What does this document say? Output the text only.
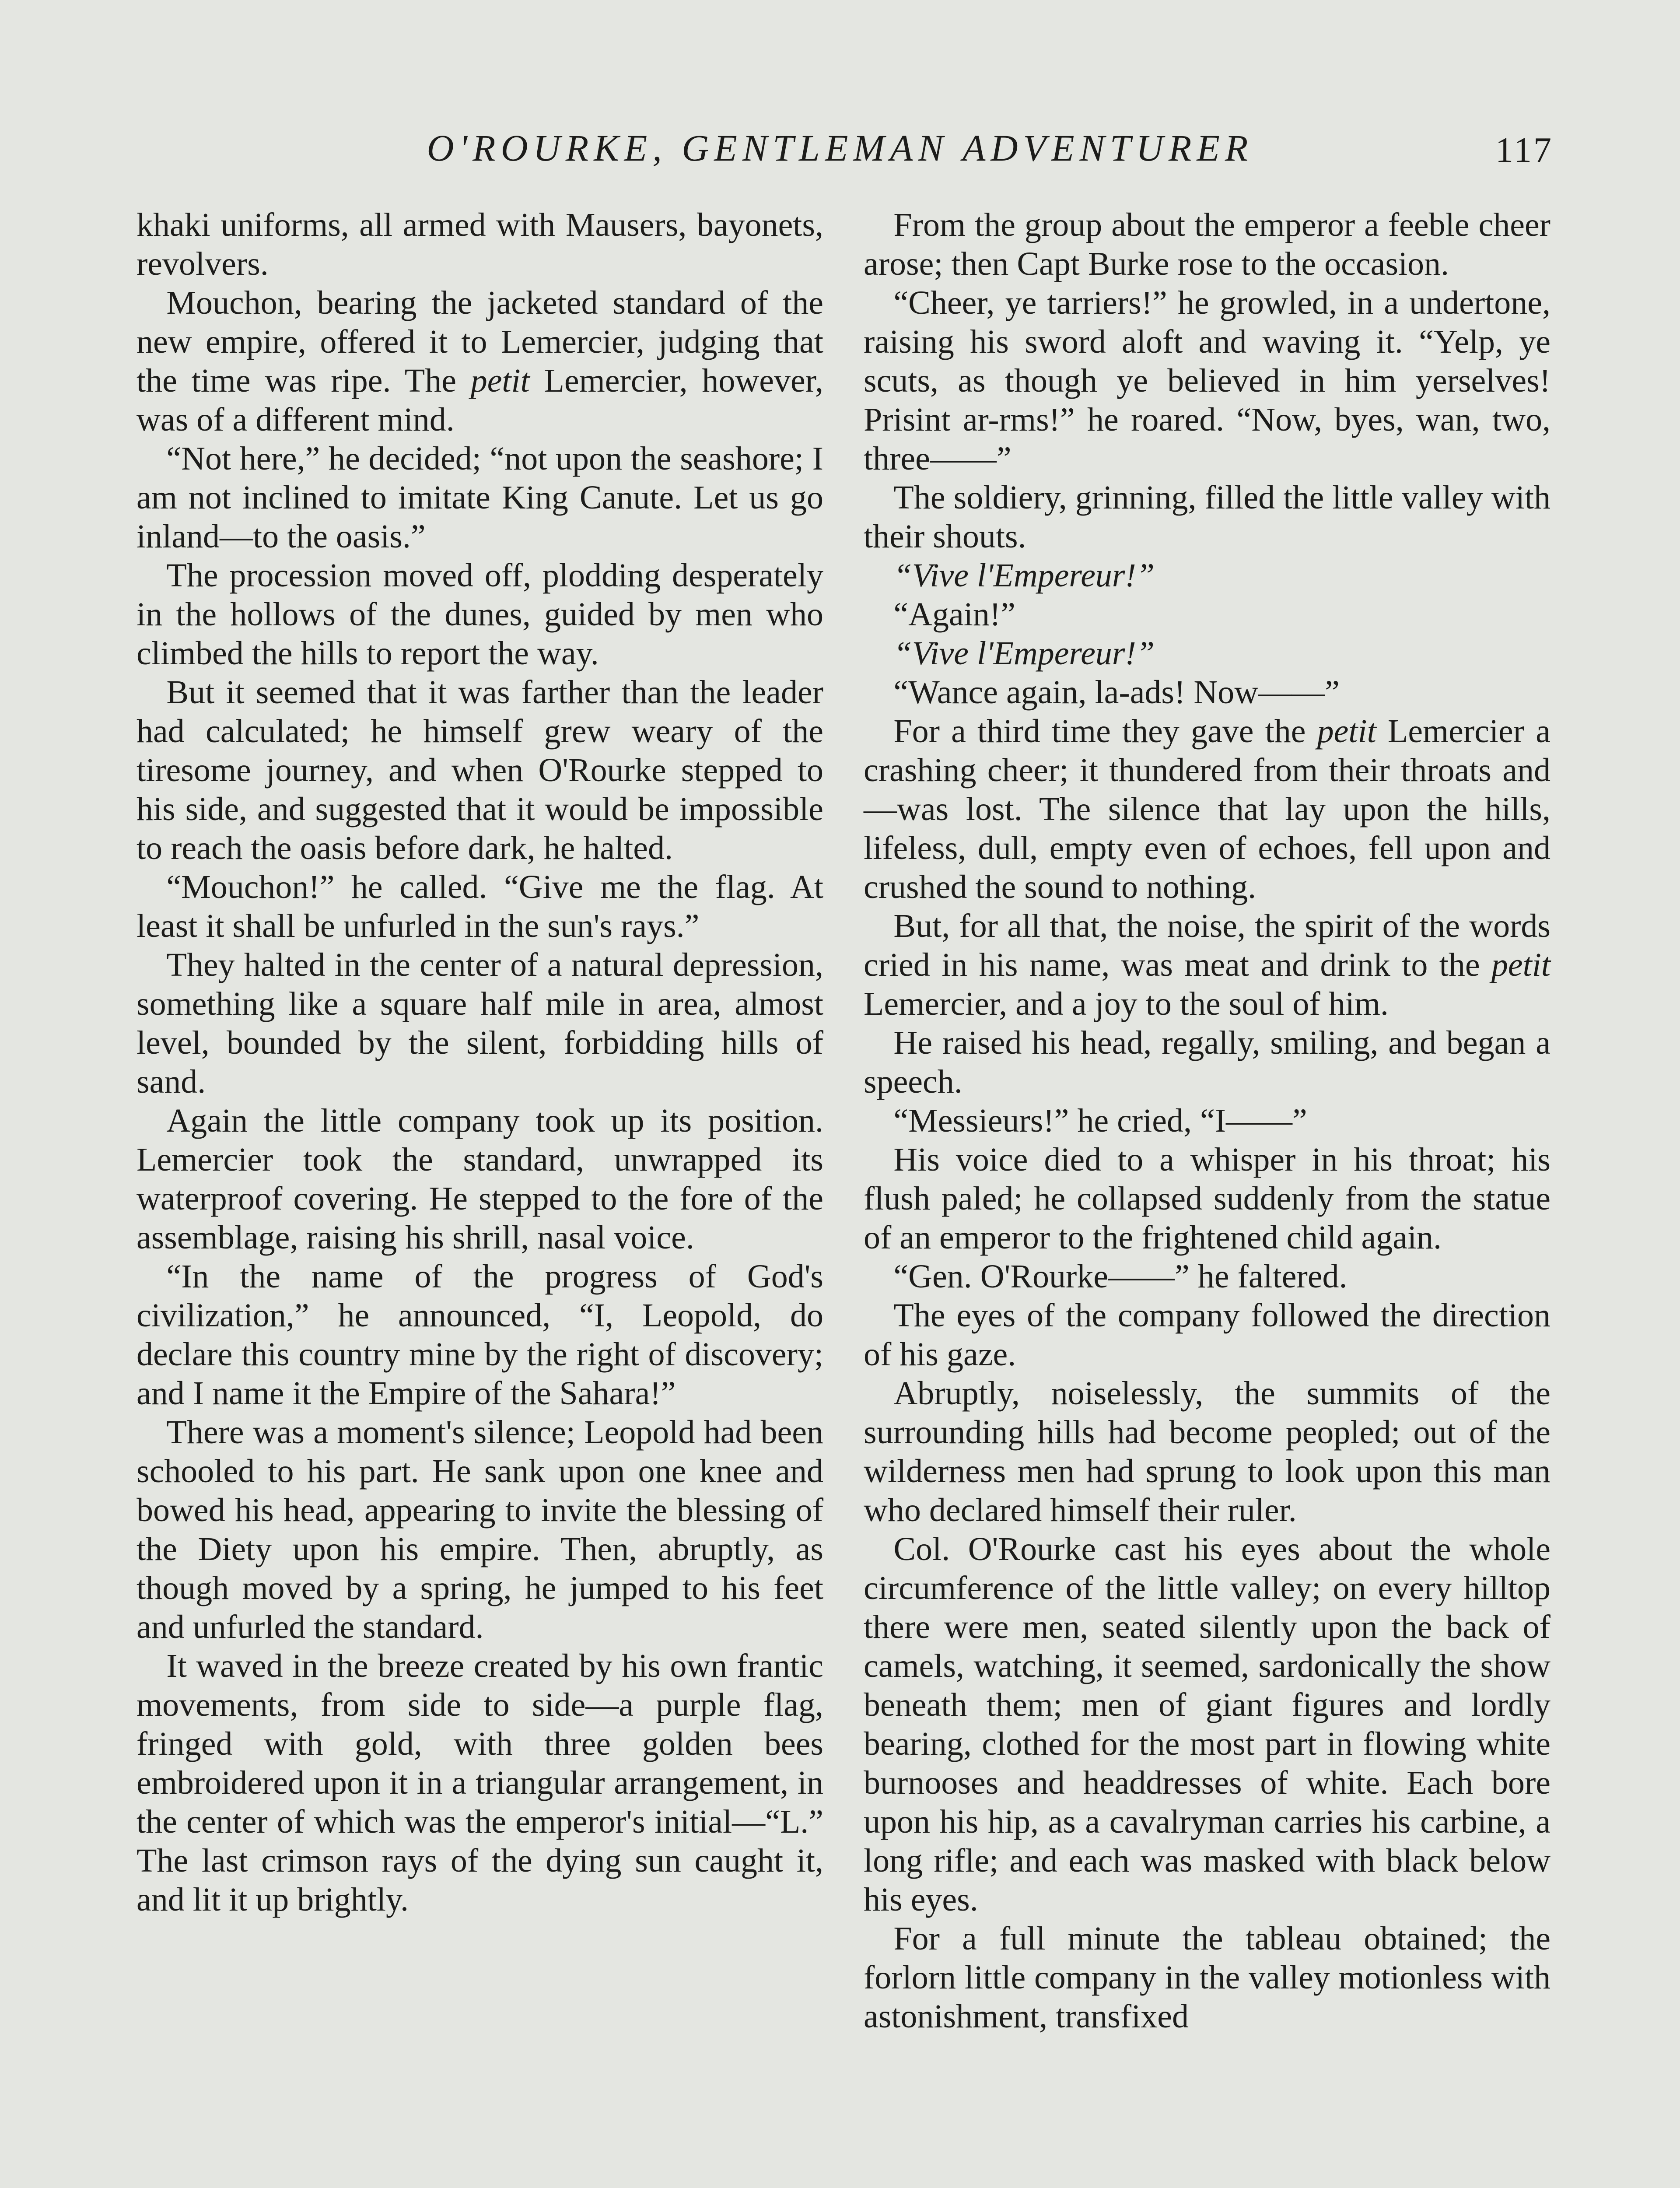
O'ROURKE, GENTLEMAN ADVENTURER	117

khaki uniforms, all armed with Mausers, bayonets, revolvers.

Mouchon, bearing the jacketed standard of the new empire, offered it to Lemercier, judging that the time was ripe. The petit Lemercier, however, was of a different mind.

“Not here,” he decided; “not upon the seashore; I am not inclined to imitate King Canute. Let us go inland—to the oasis.”

The procession moved off, plodding desperately in the hollows of the dunes, guided by men who climbed the hills to report the way.

But it seemed that it was farther than the leader had calculated; he himself grew weary of the tiresome journey, and when O'Rourke stepped to his side, and suggested that it would be impossible to reach the oasis before dark, he halted.

“Mouchon!” he called. “Give me the flag. At least it shall be unfurled in the sun's rays.”

They halted in the center of a natural depression, something like a square half mile in area, almost level, bounded by the silent, forbidding hills of sand.

Again the little company took up its position. Lemercier took the standard, unwrapped its waterproof covering. He stepped to the fore of the assemblage, raising his shrill, nasal voice.

“In the name of the progress of God's civilization,” he announced, “I, Leopold, do declare this country mine by the right of discovery; and I name it the Empire of the Sahara!”

There was a moment's silence; Leopold had been schooled to his part. He sank upon one knee and bowed his head, appearing to invite the blessing of the Diety upon his empire. Then, abruptly, as though moved by a spring, he jumped to his feet and unfurled the standard.

It waved in the breeze created by his own frantic movements, from side to side—a purple flag, fringed with gold, with three golden bees embroidered upon it in a triangular arrangement, in the center of which was the emperor's initial—“L.” The last crimson rays of the dying sun caught it, and lit it up brightly.

From the group about the emperor a feeble cheer arose; then Capt Burke rose to the occasion.

“Cheer, ye tarriers!” he growled, in a undertone, raising his sword aloft and waving it. “Yelp, ye scuts, as though ye believed in him yerselves! Prisint ar-rms!” he roared. “Now, byes, wan, two, three——”

The soldiery, grinning, filled the little valley with their shouts.

“Vive l'Empereur!”

“Again!”

“Vive l'Empereur!”

“Wance again, la-ads! Now——”

For a third time they gave the petit Lemercier a crashing cheer; it thundered from their throats and—was lost. The silence that lay upon the hills, lifeless, dull, empty even of echoes, fell upon and crushed the sound to nothing.

But, for all that, the noise, the spirit of the words cried in his name, was meat and drink to the petit Lemercier, and a joy to the soul of him.

He raised his head, regally, smiling, and began a speech.

“Messieurs!” he cried, “I——”

His voice died to a whisper in his throat; his flush paled; he collapsed suddenly from the statue of an emperor to the frightened child again.

“Gen. O'Rourke——” he faltered.

The eyes of the company followed the direction of his gaze.

Abruptly, noiselessly, the summits of the surrounding hills had become peopled; out of the wilderness men had sprung to look upon this man who declared himself their ruler.

Col. O'Rourke cast his eyes about the whole circumference of the little valley; on every hilltop there were men, seated silently upon the back of camels, watching, it seemed, sardonically the show beneath them; men of giant figures and lordly bearing, clothed for the most part in flowing white burnooses and headdresses of white. Each bore upon his hip, as a cavalryman carries his carbine, a long rifle; and each was masked with black below his eyes.

For a full minute the tableau obtained; the forlorn little company in the valley motionless with astonishment, transfixed
